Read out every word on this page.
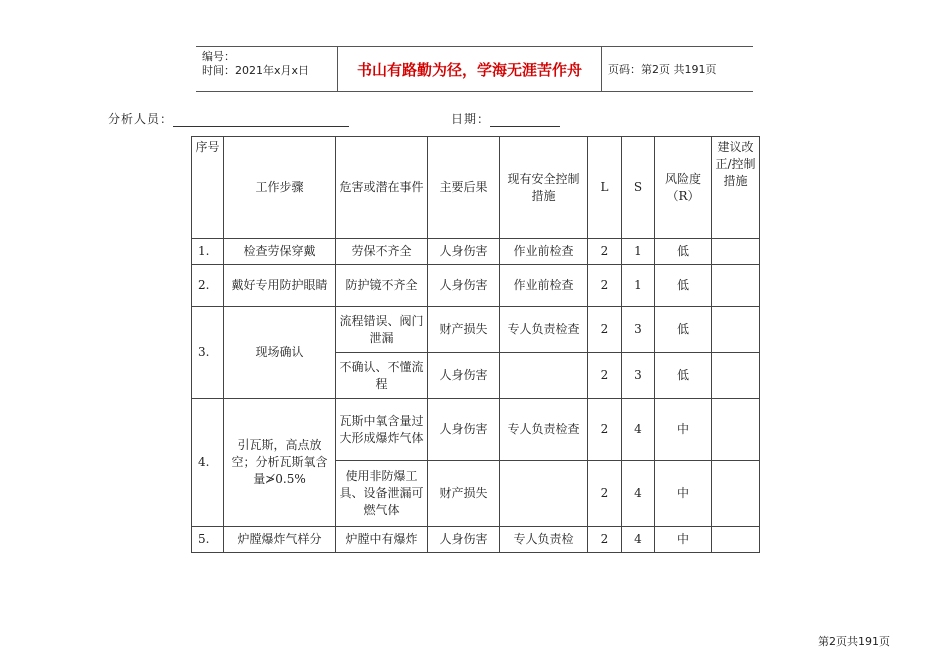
编号：
时间：2021年x月x日	书山有路勤为径，学海无涯苦作舟	页码：第2页 共191页
分析人员：	日期：
序号	工作步骤	危害或潜在事件	主要后果	现有安全控制措施	L	S	风险度（R）	建议改正/控制措施
1.	检查劳保穿戴	劳保不齐全	人身伤害	作业前检查	2	1	低	
2.	戴好专用防护眼睛	防护镜不齐全	人身伤害	作业前检查	2	1	低	
3.	现场确认	流程错误、阀门泄漏	财产损失	专人负责检查	2	3	低	
		不确认、不懂流程	人身伤害		2	3	低	
4.	引瓦斯，高点放空；分析瓦斯氧含量≯0.5%	瓦斯中氧含量过大形成爆炸气体	人身伤害	专人负责检查	2	4	中	
		使用非防爆工具、设备泄漏可燃气体	财产损失		2	4	中	
5.	炉膛爆炸气样分	炉膛中有爆炸	人身伤害	专人负责检	2	4	中	
第2页共191页
